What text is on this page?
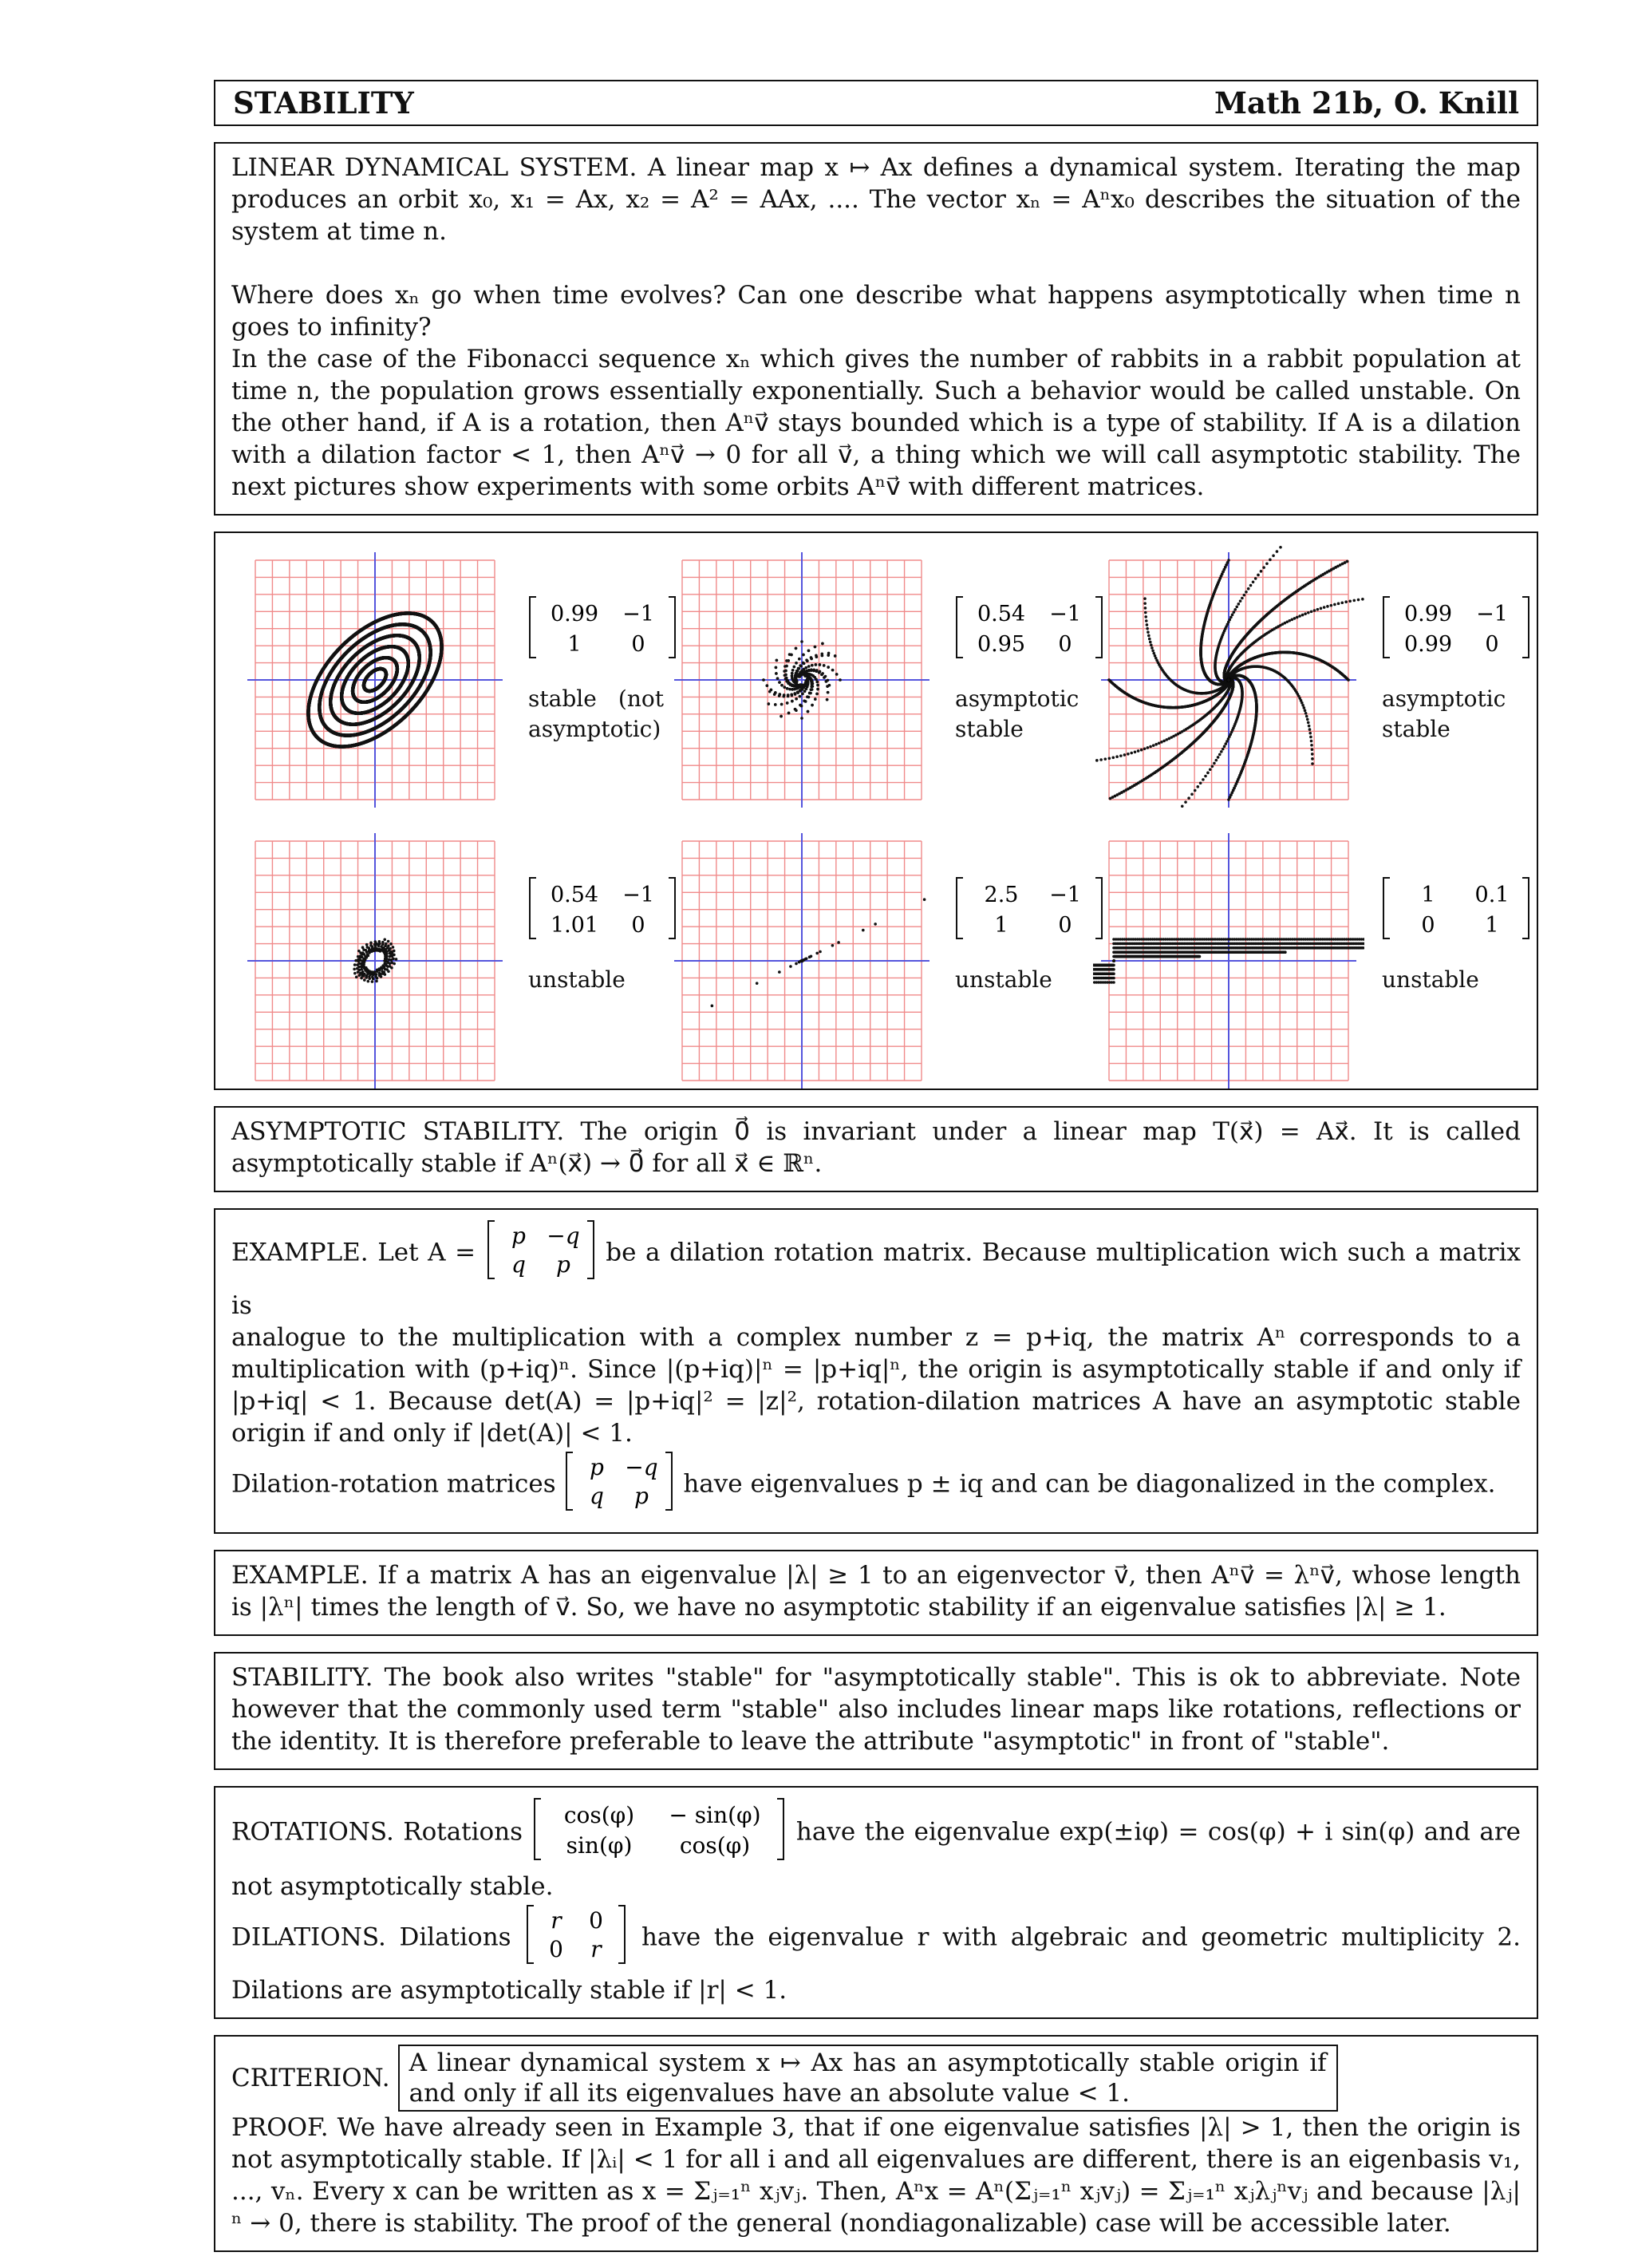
STABILITY	Math 21b, O. Knill
LINEAR DYNAMICAL SYSTEM. A linear map x ↦ Ax defines a dynamical system. Iterating the map produces an orbit x₀, x₁ = Ax, x₂ = A² = AAx, .... The vector xₙ = Aⁿx₀ describes the situation of the system at time n.
Where does xₙ go when time evolves? Can one describe what happens asymptotically when time n goes to infinity?
In the case of the Fibonacci sequence xₙ which gives the number of rabbits in a rabbit population at time n, the population grows essentially exponentially. Such a behavior would be called unstable. On the other hand, if A is a rotation, then Aⁿv⃗ stays bounded which is a type of stability. If A is a dilation with a dilation factor < 1, then Aⁿv⃗ → 0 for all v⃗, a thing which we will call asymptotic stability. The next pictures show experiments with some orbits Aⁿv⃗ with different matrices.
0.99 −1
1 0
stable (not asymptotic)
0.54 −1
0.95 0
asymptotic stable
0.99 −1
0.99 0
asymptotic stable
0.54 −1
1.01 0
unstable
2.5 −1
1 0
unstable
1 0.1
0 1
unstable
ASYMPTOTIC STABILITY. The origin 0⃗ is invariant under a linear map T(x⃗) = Ax⃗. It is called asymptotically stable if Aⁿ(x⃗) → 0⃗ for all x⃗ ∈ ℝⁿ.
EXAMPLE. Let A =
p −q
q p be a dilation rotation matrix. Because multiplication wich such a matrix is
analogue to the multiplication with a complex number z = p+iq, the matrix Aⁿ corresponds to a multiplication with (p+iq)ⁿ. Since |(p+iq)|ⁿ = |p+iq|ⁿ, the origin is asymptotically stable if and only if |p+iq| < 1. Because det(A) = |p+iq|² = |z|², rotation-dilation matrices A have an asymptotic stable origin if and only if |det(A)| < 1.
Dilation-rotation matrices
p −q
q p have eigenvalues p ± iq and can be diagonalized in the complex.
EXAMPLE. If a matrix A has an eigenvalue |λ| ≥ 1 to an eigenvector v⃗, then Aⁿv⃗ = λⁿv⃗, whose length is |λⁿ| times the length of v⃗. So, we have no asymptotic stability if an eigenvalue satisfies |λ| ≥ 1.
STABILITY. The book also writes "stable" for "asymptotically stable". This is ok to abbreviate. Note however that the commonly used term "stable" also includes linear maps like rotations, reflections or the identity. It is therefore preferable to leave the attribute "asymptotic" in front of "stable".
ROTATIONS. Rotations
cos(φ) − sin(φ)
sin(φ) cos(φ) have the eigenvalue exp(±iφ) = cos(φ) + i sin(φ) and are not asymptotically stable.
DILATIONS. Dilations
r 0
0 r have the eigenvalue r with algebraic and geometric multiplicity 2. Dilations are asymptotically stable if |r| < 1.
CRITERION.
A linear dynamical system x ↦ Ax has an asymptotically stable origin if and only if all its eigenvalues have an absolute value < 1.
PROOF. We have already seen in Example 3, that if one eigenvalue satisfies |λ| > 1, then the origin is not asymptotically stable. If |λᵢ| < 1 for all i and all eigenvalues are different, there is an eigenbasis v₁, ..., vₙ. Every x can be written as x = Σⱼ₌₁ⁿ xⱼvⱼ. Then, Aⁿx = Aⁿ(Σⱼ₌₁ⁿ xⱼvⱼ) = Σⱼ₌₁ⁿ xⱼλⱼⁿvⱼ and because |λⱼ|ⁿ → 0, there is stability. The proof of the general (nondiagonalizable) case will be accessible later.
